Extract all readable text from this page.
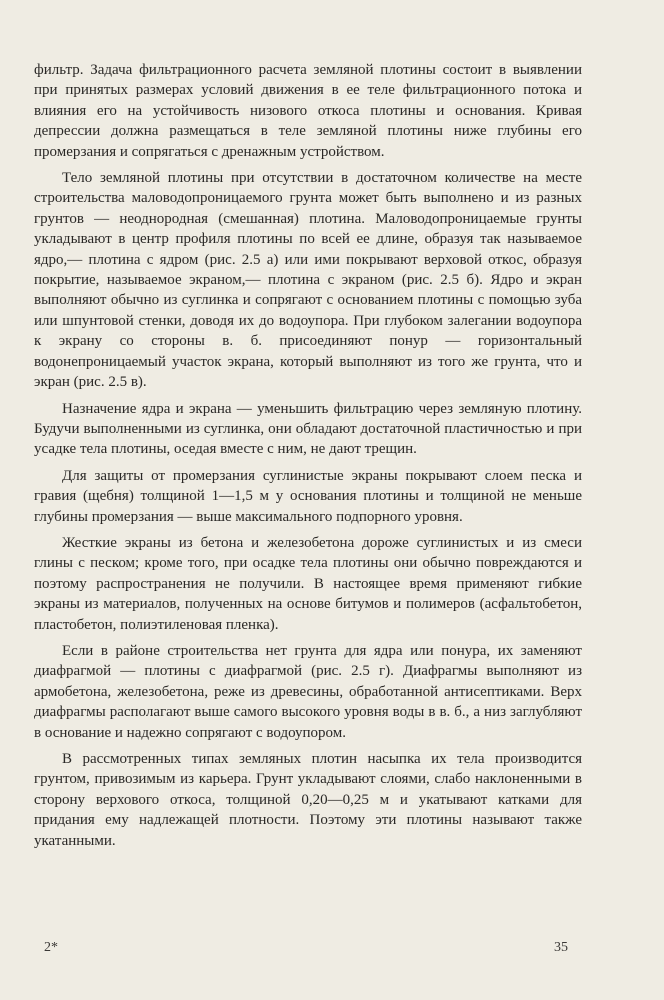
фильтр. Задача фильтрационного расчета земляной плотины состоит в выявлении при принятых размерах условий движения в ее теле фильтрационного потока и влияния его на устойчивость низового откоса плотины и основания. Кривая депрессии должна размещаться в теле земляной плотины ниже глубины его промерзания и сопрягаться с дренажным устройством.

Тело земляной плотины при отсутствии в достаточном количестве на месте строительства маловодопроницаемого грунта может быть выполнено и из разных грунтов — неоднородная (смешанная) плотина. Маловодопроницаемые грунты укладывают в центр профиля плотины по всей ее длине, образуя так называемое ядро,— плотина с ядром (рис. 2.5 а) или ими покрывают верховой откос, образуя покрытие, называемое экраном,— плотина с экраном (рис. 2.5 б). Ядро и экран выполняют обычно из суглинка и сопрягают с основанием плотины с помощью зуба или шпунтовой стенки, доводя их до водоупора. При глубоком залегании водоупора к экрану со стороны в. б. присоединяют понур — горизонтальный водонепроницаемый участок экрана, который выполняют из того же грунта, что и экран (рис. 2.5 в).

Назначение ядра и экрана — уменьшить фильтрацию через земляную плотину. Будучи выполненными из суглинка, они обладают достаточной пластичностью и при усадке тела плотины, оседая вместе с ним, не дают трещин.

Для защиты от промерзания суглинистые экраны покрывают слоем песка и гравия (щебня) толщиной 1—1,5 м у основания плотины и толщиной не меньше глубины промерзания — выше максимального подпорного уровня.

Жесткие экраны из бетона и железобетона дороже суглинистых и из смеси глины с песком; кроме того, при осадке тела плотины они обычно повреждаются и поэтому распространения не получили. В настоящее время применяют гибкие экраны из материалов, полученных на основе битумов и полимеров (асфальтобетон, пластобетон, полиэтиленовая пленка).

Если в районе строительства нет грунта для ядра или понура, их заменяют диафрагмой — плотины с диафрагмой (рис. 2.5 г). Диафрагмы выполняют из армобетона, железобетона, реже из древесины, обработанной антисептиками. Верх диафрагмы располагают выше самого высокого уровня воды в в. б., а низ заглубляют в основание и надежно сопрягают с водоупором.

В рассмотренных типах земляных плотин насыпка их тела производится грунтом, привозимым из карьера. Грунт укладывают слоями, слабо наклоненными в сторону верхового откоса, толщиной 0,20—0,25 м и укатывают катками для придания ему надлежащей плотности. Поэтому эти плотины называют также укатанными.

2*	35
